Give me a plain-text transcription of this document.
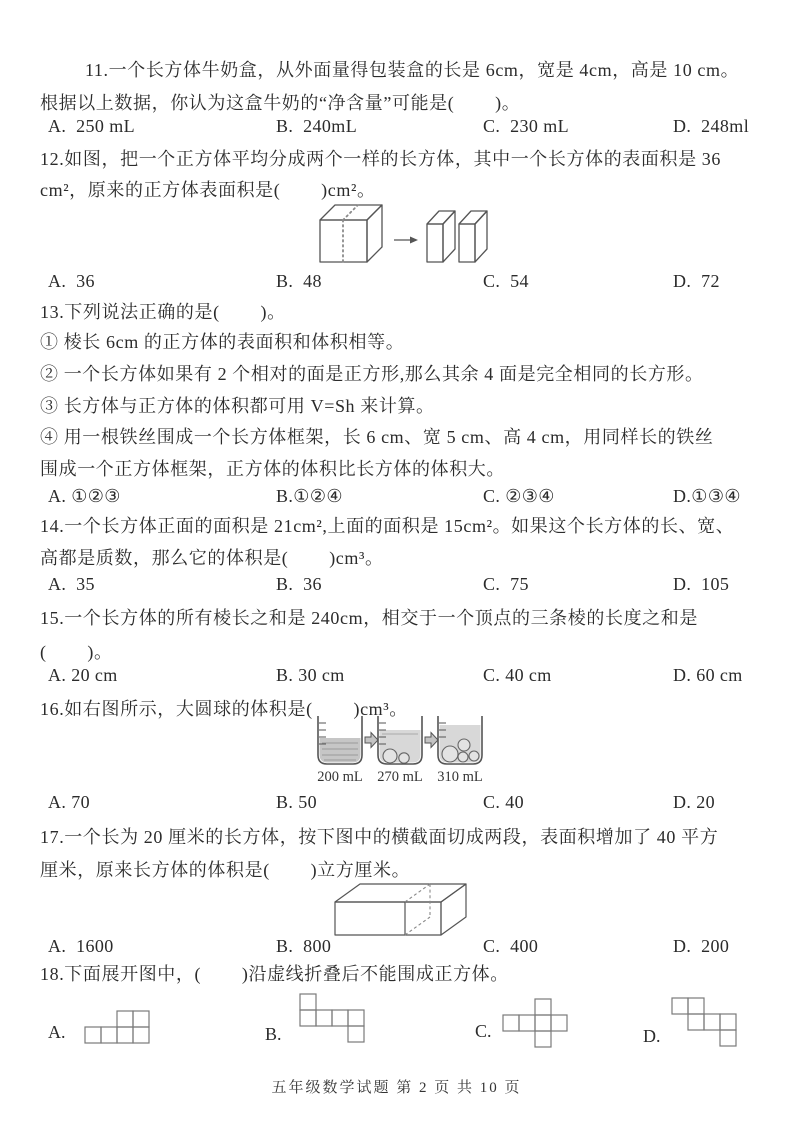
11.一个长方体牛奶盒，从外面量得包装盒的长是 6cm，宽是 4cm，高是 10 cm。
根据以上数据，你认为这盒牛奶的“净含量”可能是(        )。
A.  250 mL	B.  240mL	C.  230 mL	D.  248ml
12.如图，把一个正方体平均分成两个一样的长方体，其中一个长方体的表面积是 36
cm²，原来的正方体表面积是(        )cm²。
A.  36	B.  48	C.  54	D.  72
13.下列说法正确的是(        )。
① 棱长 6cm 的正方体的表面积和体积相等。
② 一个长方体如果有 2 个相对的面是正方形,那么其余 4 面是完全相同的长方形。
③ 长方体与正方体的体积都可用 V=Sh 来计算。
④ 用一根铁丝围成一个长方体框架，长 6 cm、宽 5 cm、高 4 cm，用同样长的铁丝
围成一个正方体框架，正方体的体积比长方体的体积大。
A. ①②③	B.①②④	C. ②③④	D.①③④
14.一个长方体正面的面积是 21cm²,上面的面积是 15cm²。如果这个长方体的长、宽、
高都是质数，那么它的体积是(        )cm³。
A.  35	B.  36	C.  75	D.  105
15.一个长方体的所有棱长之和是 240cm，相交于一个顶点的三条棱的长度之和是
(        )。
A. 20 cm	B. 30 cm	C. 40 cm	D. 60 cm
16.如右图所示，大圆球的体积是(        )cm³。
200 mL 270 mL 310 mL
A. 70	B. 50	C. 40	D. 20
17.一个长为 20 厘米的长方体，按下图中的横截面切成两段，表面积增加了 40 平方
厘米，原来长方体的体积是(        )立方厘米。
A.  1600	B.  800	C.  400	D.  200
18.下面展开图中，(        )沿虚线折叠后不能围成正方体。
A.	B.	C.	D.
五年级数学试题 第 2 页 共 10 页
